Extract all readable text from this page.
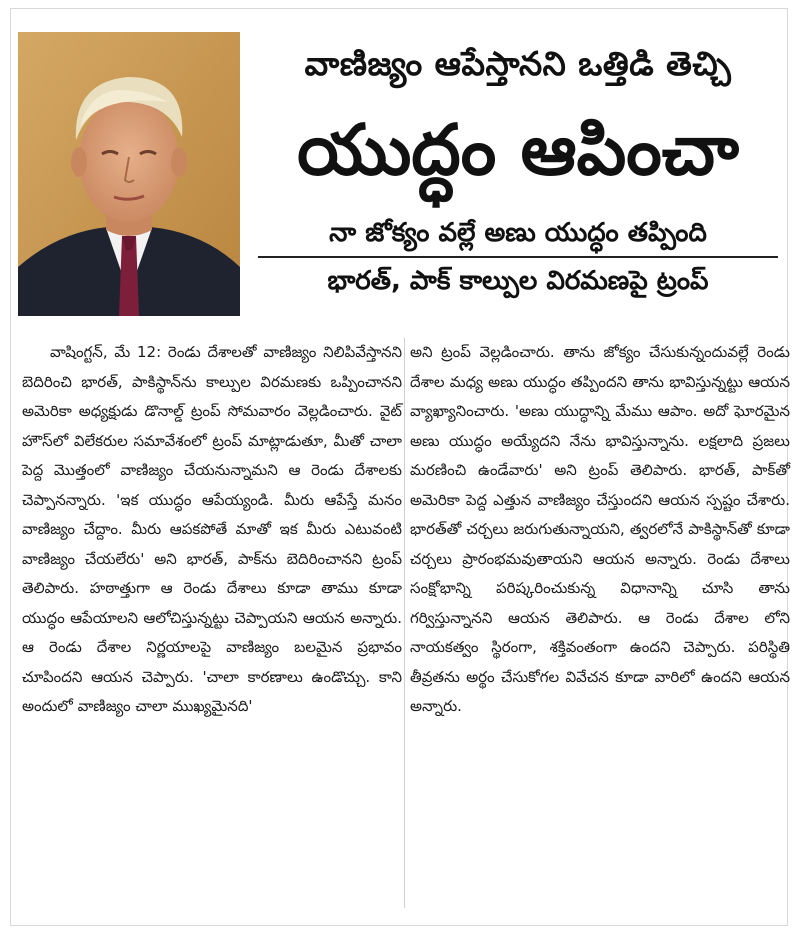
వాణిజ్యం ఆపేస్తానని ఒత్తిడి తెచ్చి
యుద్ధం ఆపించా
నా జోక్యం వల్లే అణు యుద్ధం తప్పింది
భారత్, పాక్ కాల్పుల విరమణపై ట్రంప్
వాషింగ్టన్, మే 12: రెండు దేశాలతో వాణిజ్యం నిలిపివేస్తానని బెదిరించి భారత్, పాకిస్థాన్‌ను కాల్పుల విరమణకు ఒప్పించానని అమెరికా అధ్యక్షుడు డొనాల్డ్ ట్రంప్ సోమవారం వెల్లడించారు. వైట్ హౌస్‌లో విలేకరుల సమావేశంలో ట్రంప్ మాట్లాడుతూ, మీతో చాలా పెద్ద మొత్తంలో వాణిజ్యం చేయనున్నామని ఆ రెండు దేశాలకు చెప్పానన్నారు. 'ఇక యుద్ధం ఆపేయ్యండి. మీరు ఆపేస్తే మనం వాణిజ్యం చేద్దాం. మీరు ఆపకపోతే మాతో ఇక మీరు ఎటువంటి వాణిజ్యం చేయలేరు' అని భారత్, పాక్‌ను బెదిరించానని ట్రంప్ తెలిపారు. హఠాత్తుగా ఆ రెండు దేశాలు కూడా తాము కూడా యుద్ధం ఆపేయాలని ఆలోచిస్తున్నట్టు చెప్పాయని ఆయన అన్నారు. ఆ రెండు దేశాల నిర్ణయాలపై వాణిజ్యం బలమైన ప్రభావం చూపిందని ఆయన చెప్పారు. 'చాలా కారణాలు ఉండొచ్చు. కాని అందులో వాణిజ్యం చాలా ముఖ్యమైనది'
అని ట్రంప్ వెల్లడించారు. తాను జోక్యం చేసుకున్నందువల్లే రెండు దేశాల మధ్య అణు యుద్ధం తప్పిందని తాను భావిస్తున్నట్టు ఆయన వ్యాఖ్యానించారు. 'అణు యుద్ధాన్ని మేము ఆపాం. అదో ఘోరమైన అణు యుద్ధం అయ్యేదని నేను భావిస్తున్నాను. లక్షలాది ప్రజలు మరణించి ఉండేవారు' అని ట్రంప్ తెలిపారు. భారత్, పాక్‌తో అమెరికా పెద్ద ఎత్తున వాణిజ్యం చేస్తుందని ఆయన స్పష్టం చేశారు. భారత్‌తో చర్చలు జరుగుతున్నాయని, త్వరలోనే పాకిస్థాన్‌తో కూడా చర్చలు ప్రారంభమవుతాయని ఆయన అన్నారు. రెండు దేశాలు సంక్షోభాన్ని పరిష్కరించుకున్న విధానాన్ని చూసి తాను గర్విస్తున్నానని ఆయన తెలిపారు. ఆ రెండు దేశాల లోని నాయకత్వం స్థిరంగా, శక్తివంతంగా ఉందని చెప్పారు. పరిస్థితి తీవ్రతను అర్థం చేసుకోగల వివేచన కూడా వారిలో ఉందని ఆయన అన్నారు.
